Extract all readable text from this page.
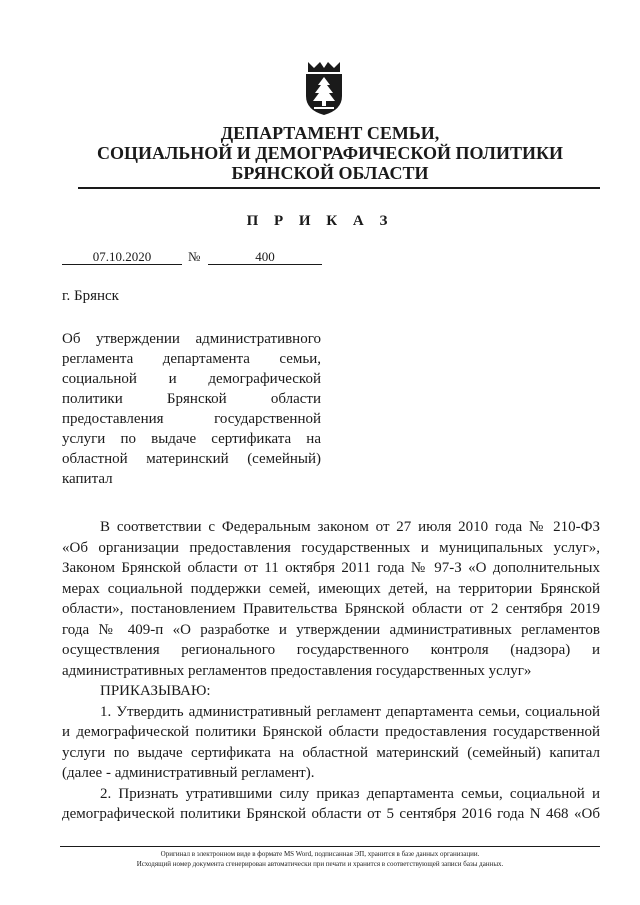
ДЕПАРТАМЕНТ СЕМЬИ,
СОЦИАЛЬНОЙ И ДЕМОГРАФИЧЕСКОЙ ПОЛИТИКИ
БРЯНСКОЙ ОБЛАСТИ
П Р И К А З
07.10.2020	№	400
г. Брянск
Об утверждении административного
регламента департамента семьи,
социальной и демографической
политики Брянской области
предоставления государственной
услуги по выдаче сертификата на
областной материнский (семейный)
капитал
В соответствии с Федеральным законом от 27 июля 2010 года № 210-ФЗ
«Об организации предоставления государственных и муниципальных услуг»,
Законом Брянской области от 11 октября 2011 года № 97-З «О дополнительных
мерах социальной поддержки семей, имеющих детей, на территории Брянской
области», постановлением Правительства Брянской области от 2 сентября 2019
года № 409-п «О разработке и утверждении административных регламентов
осуществления регионального государственного контроля (надзора) и
административных регламентов предоставления государственных услуг»
ПРИКАЗЫВАЮ:
1. Утвердить административный регламент департамента семьи, социальной
и демографической политики Брянской области предоставления государственной
услуги по выдаче сертификата на областной материнский (семейный) капитал
(далее - административный регламент).
2. Признать утратившими силу приказ департамента семьи, социальной и
демографической политики Брянской области от 5 сентября 2016 года N 468 «Об
Оригинал в электронном виде в формате MS Word, подписанная ЭП, хранится в базе данных организации.
Исходящий номер документа сгенерирован автоматически при печати и хранится в соответствующей записи базы данных.
